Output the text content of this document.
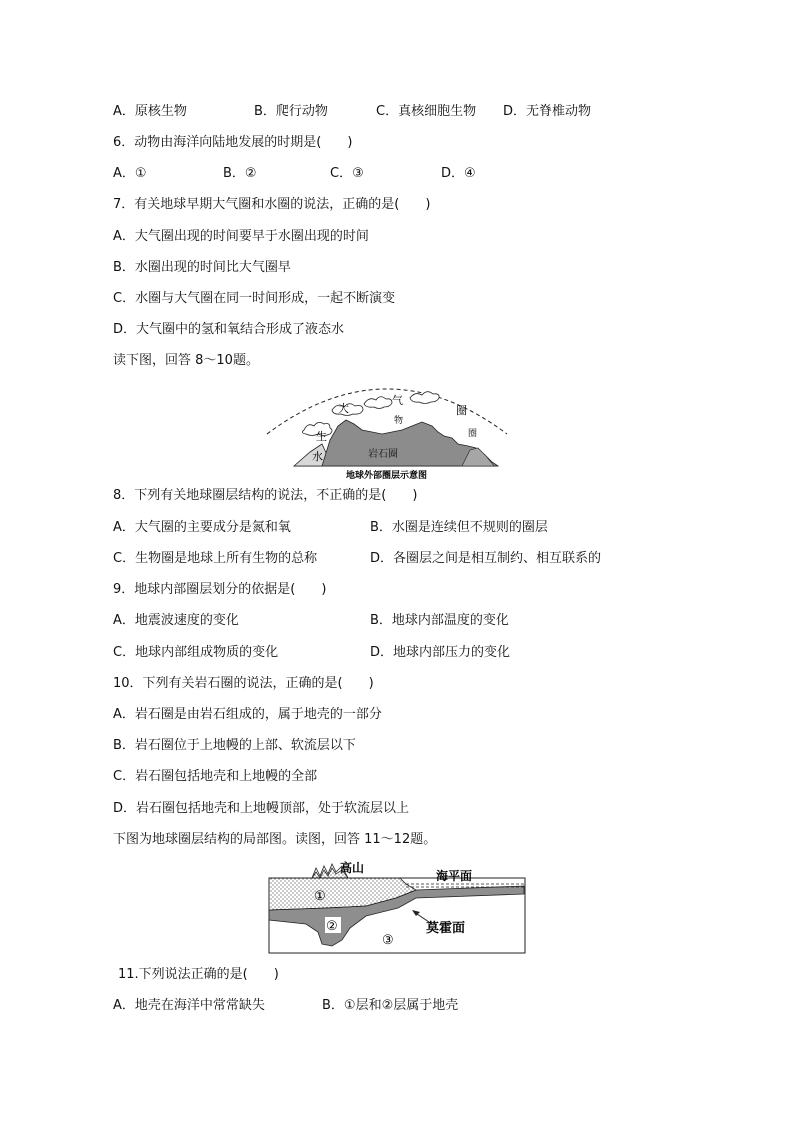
A．原核生物	B．爬行动物	C．真核细胞生物 D．无脊椎动物
6．动物由海洋向陆地发展的时期是(　　)
A．①	B．②	C．③	D．④
7．有关地球早期大气圈和水圈的说法，正确的是(　　)
A．大气圈出现的时间要早于水圈出现的时间
B．水圈出现的时间比大气圈早
C．水圈与大气圈在同一时间形成，一起不断演变
D．大气圈中的氢和氧结合形成了液态水
读下图，回答 8～10题。
大
气
圈
生
物
圈
水	岩石圈
地球外部圈层示意图
8．下列有关地球圈层结构的说法，不正确的是(　　)
A．大气圈的主要成分是氮和氧	B．水圈是连续但不规则的圈层
C．生物圈是地球上所有生物的总称	D．各圈层之间是相互制约、相互联系的
9．地球内部圈层划分的依据是(　　)
A．地震波速度的变化	B．地球内部温度的变化
C．地球内部组成物质的变化	D．地球内部压力的变化
10．下列有关岩石圈的说法，正确的是(　　)
A．岩石圈是由岩石组成的，属于地壳的一部分
B．岩石圈位于上地幔的上部、软流层以下
C．岩石圈包括地壳和上地幔的全部
D．岩石圈包括地壳和上地幔顶部，处于软流层以上
下图为地球圈层结构的局部图。读图，回答 11～12题。
高山
海平面
莫霍面
①
②
③
11.下列说法正确的是(　　)
A．地壳在海洋中常常缺失	B．①层和②层属于地壳
